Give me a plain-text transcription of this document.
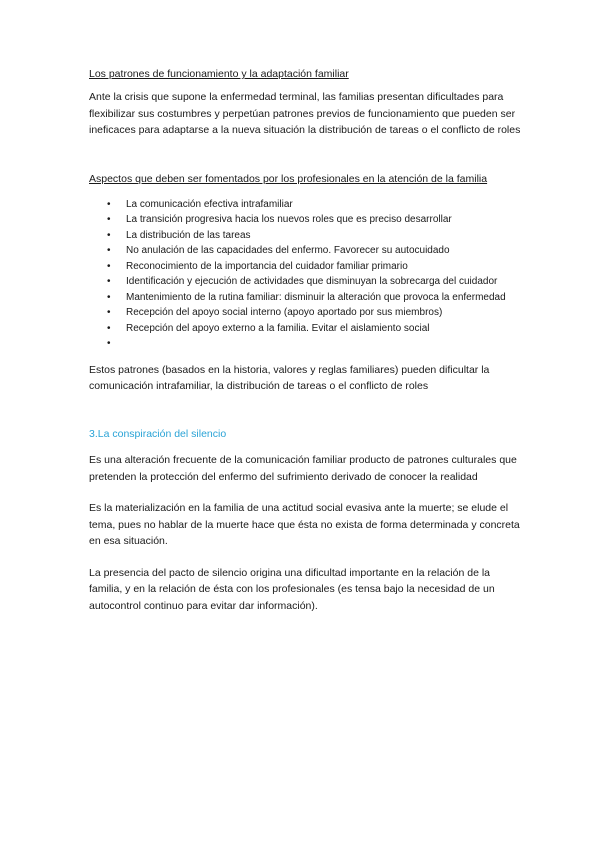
Los patrones de funcionamiento y la adaptación familiar

Ante la crisis que supone la enfermedad terminal, las familias presentan dificultades para flexibilizar sus costumbres y perpetúan patrones previos de funcionamiento que pueden ser ineficaces para adaptarse a la nueva situación la distribución de tareas o el conflicto de roles

Aspectos que deben ser fomentados por los profesionales en la atención de la familia

• La comunicación efectiva intrafamiliar
• La transición progresiva hacia los nuevos roles que es preciso desarrollar
• La distribución de las tareas
• No anulación de las capacidades del enfermo. Favorecer su autocuidado
• Reconocimiento de la importancia del cuidador familiar primario
• Identificación y ejecución de actividades que disminuyan la sobrecarga del cuidador
• Mantenimiento de la rutina familiar: disminuir la alteración que provoca la enfermedad
• Recepción del apoyo social interno (apoyo aportado por sus miembros)
• Recepción del apoyo externo a la familia. Evitar el aislamiento social
•

Estos patrones (basados en la historia, valores y reglas familiares) pueden dificultar la comunicación intrafamiliar, la distribución de tareas o el conflicto de roles

3.La conspiración del silencio

Es una alteración frecuente de la comunicación familiar producto de patrones culturales que pretenden la protección del enfermo del sufrimiento derivado de conocer la realidad

Es la materialización en la familia de una actitud social evasiva ante la muerte; se elude el tema, pues no hablar de la muerte hace que ésta no exista de forma determinada y concreta en esa situación.

La presencia del pacto de silencio origina una dificultad importante en la relación de la familia, y en la relación de ésta con los profesionales (es tensa bajo la necesidad de un autocontrol continuo para evitar dar información).
